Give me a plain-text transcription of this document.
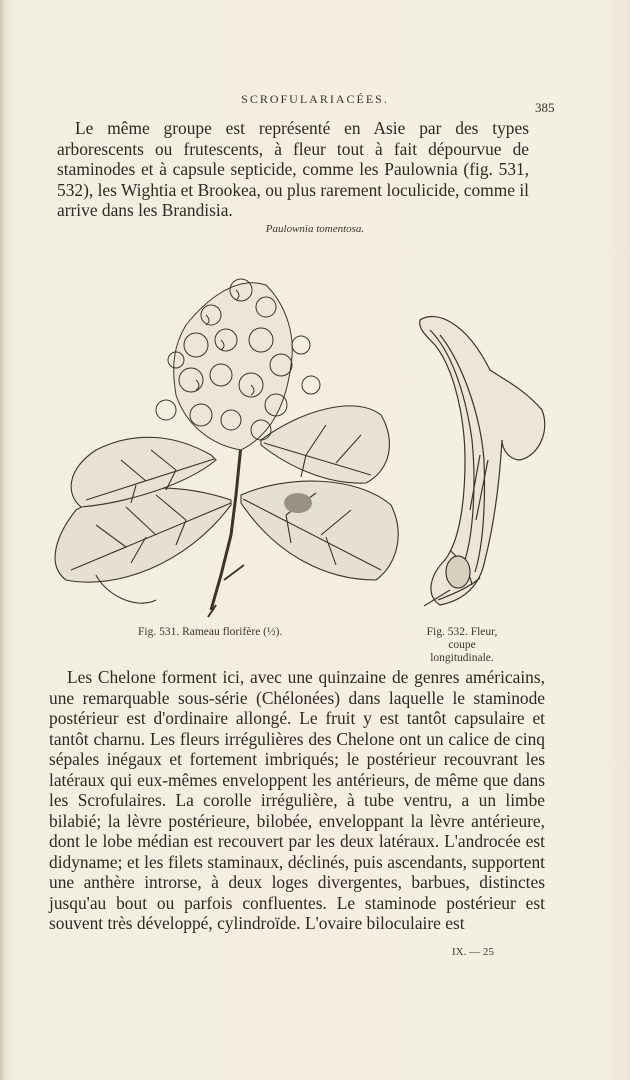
SCROFULARIACÉES.
385
Le même groupe est représenté en Asie par des types arborescents ou frutescents, à fleur tout à fait dépourvue de staminodes et à capsule septicide, comme les Paulownia (fig. 531, 532), les Wightia et Brookea, ou plus rarement loculicide, comme il arrive dans les Brandisia.
Paulownia tomentosa.
Fig. 531. Rameau florifère (½).	Fig. 532. Fleur, coupe
longitudinale.
Les Chelone forment ici, avec une quinzaine de genres américains, une remarquable sous-série (Chélonées) dans laquelle le staminode postérieur est d'ordinaire allongé. Le fruit y est tantôt capsulaire et tantôt charnu. Les fleurs irrégulières des Chelone ont un calice de cinq sépales inégaux et fortement imbriqués; le postérieur recouvrant les latéraux qui eux-mêmes enveloppent les antérieurs, de même que dans les Scrofulaires. La corolle irrégulière, à tube ventru, a un limbe bilabié; la lèvre postérieure, bilobée, enveloppant la lèvre antérieure, dont le lobe médian est recouvert par les deux latéraux. L'androcée est didyname; et les filets staminaux, déclinés, puis ascendants, supportent une anthère introrse, à deux loges divergentes, barbues, distinctes jusqu'au bout ou parfois confluentes. Le staminode postérieur est souvent très développé, cylindroïde. L'ovaire biloculaire est
IX. — 25
